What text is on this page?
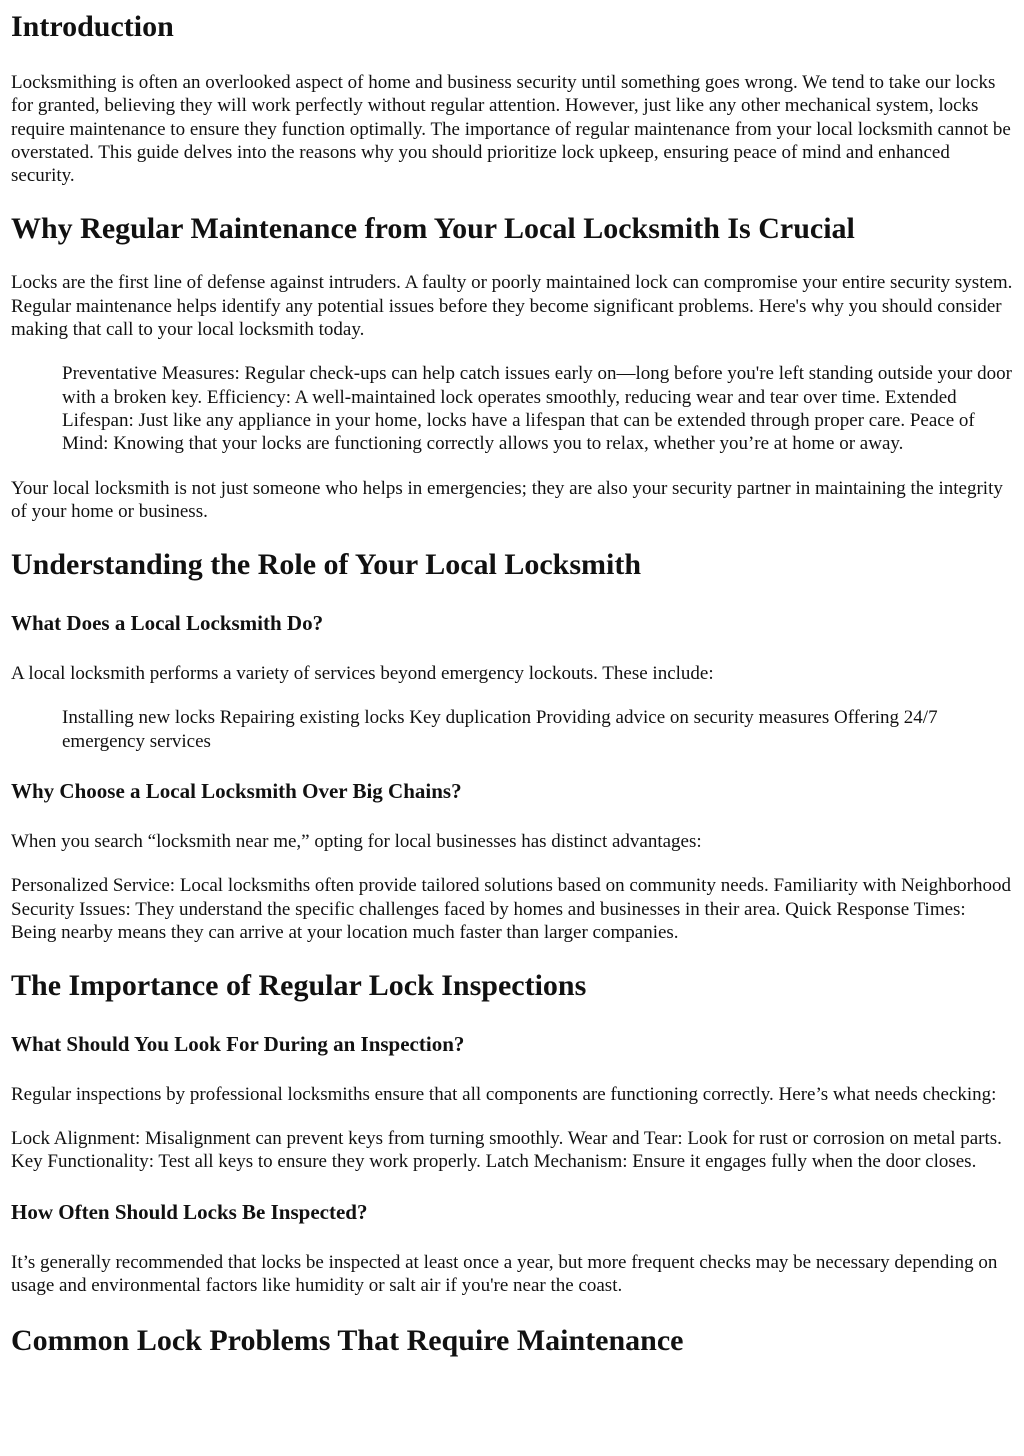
Introduction

Locksmithing is often an overlooked aspect of home and business security until something goes wrong. We tend to take our locks for granted, believing they will work perfectly without regular attention. However, just like any other mechanical system, locks require maintenance to ensure they function optimally. The importance of regular maintenance from your local locksmith cannot be overstated. This guide delves into the reasons why you should prioritize lock upkeep, ensuring peace of mind and enhanced security.

Why Regular Maintenance from Your Local Locksmith Is Crucial

Locks are the first line of defense against intruders. A faulty or poorly maintained lock can compromise your entire security system. Regular maintenance helps identify any potential issues before they become significant problems. Here's why you should consider making that call to your local locksmith today.

Preventative Measures: Regular check-ups can help catch issues early on—long before you're left standing outside your door with a broken key. Efficiency: A well-maintained lock operates smoothly, reducing wear and tear over time. Extended Lifespan: Just like any appliance in your home, locks have a lifespan that can be extended through proper care. Peace of Mind: Knowing that your locks are functioning correctly allows you to relax, whether you’re at home or away.

Your local locksmith is not just someone who helps in emergencies; they are also your security partner in maintaining the integrity of your home or business.

Understanding the Role of Your Local Locksmith
What Does a Local Locksmith Do?

A local locksmith performs a variety of services beyond emergency lockouts. These include:

Installing new locks Repairing existing locks Key duplication Providing advice on security measures Offering 24/7 emergency services
Why Choose a Local Locksmith Over Big Chains?

When you search “locksmith near me,” opting for local businesses has distinct advantages:

Personalized Service: Local locksmiths often provide tailored solutions based on community needs. Familiarity with Neighborhood Security Issues: They understand the specific challenges faced by homes and businesses in their area. Quick Response Times: Being nearby means they can arrive at your location much faster than larger companies.

The Importance of Regular Lock Inspections
What Should You Look For During an Inspection?

Regular inspections by professional locksmiths ensure that all components are functioning correctly. Here’s what needs checking:

Lock Alignment: Misalignment can prevent keys from turning smoothly. Wear and Tear: Look for rust or corrosion on metal parts. Key Functionality: Test all keys to ensure they work properly. Latch Mechanism: Ensure it engages fully when the door closes.

How Often Should Locks Be Inspected?

It’s generally recommended that locks be inspected at least once a year, but more frequent checks may be necessary depending on usage and environmental factors like humidity or salt air if you're near the coast.

Common Lock Problems That Require Maintenance
